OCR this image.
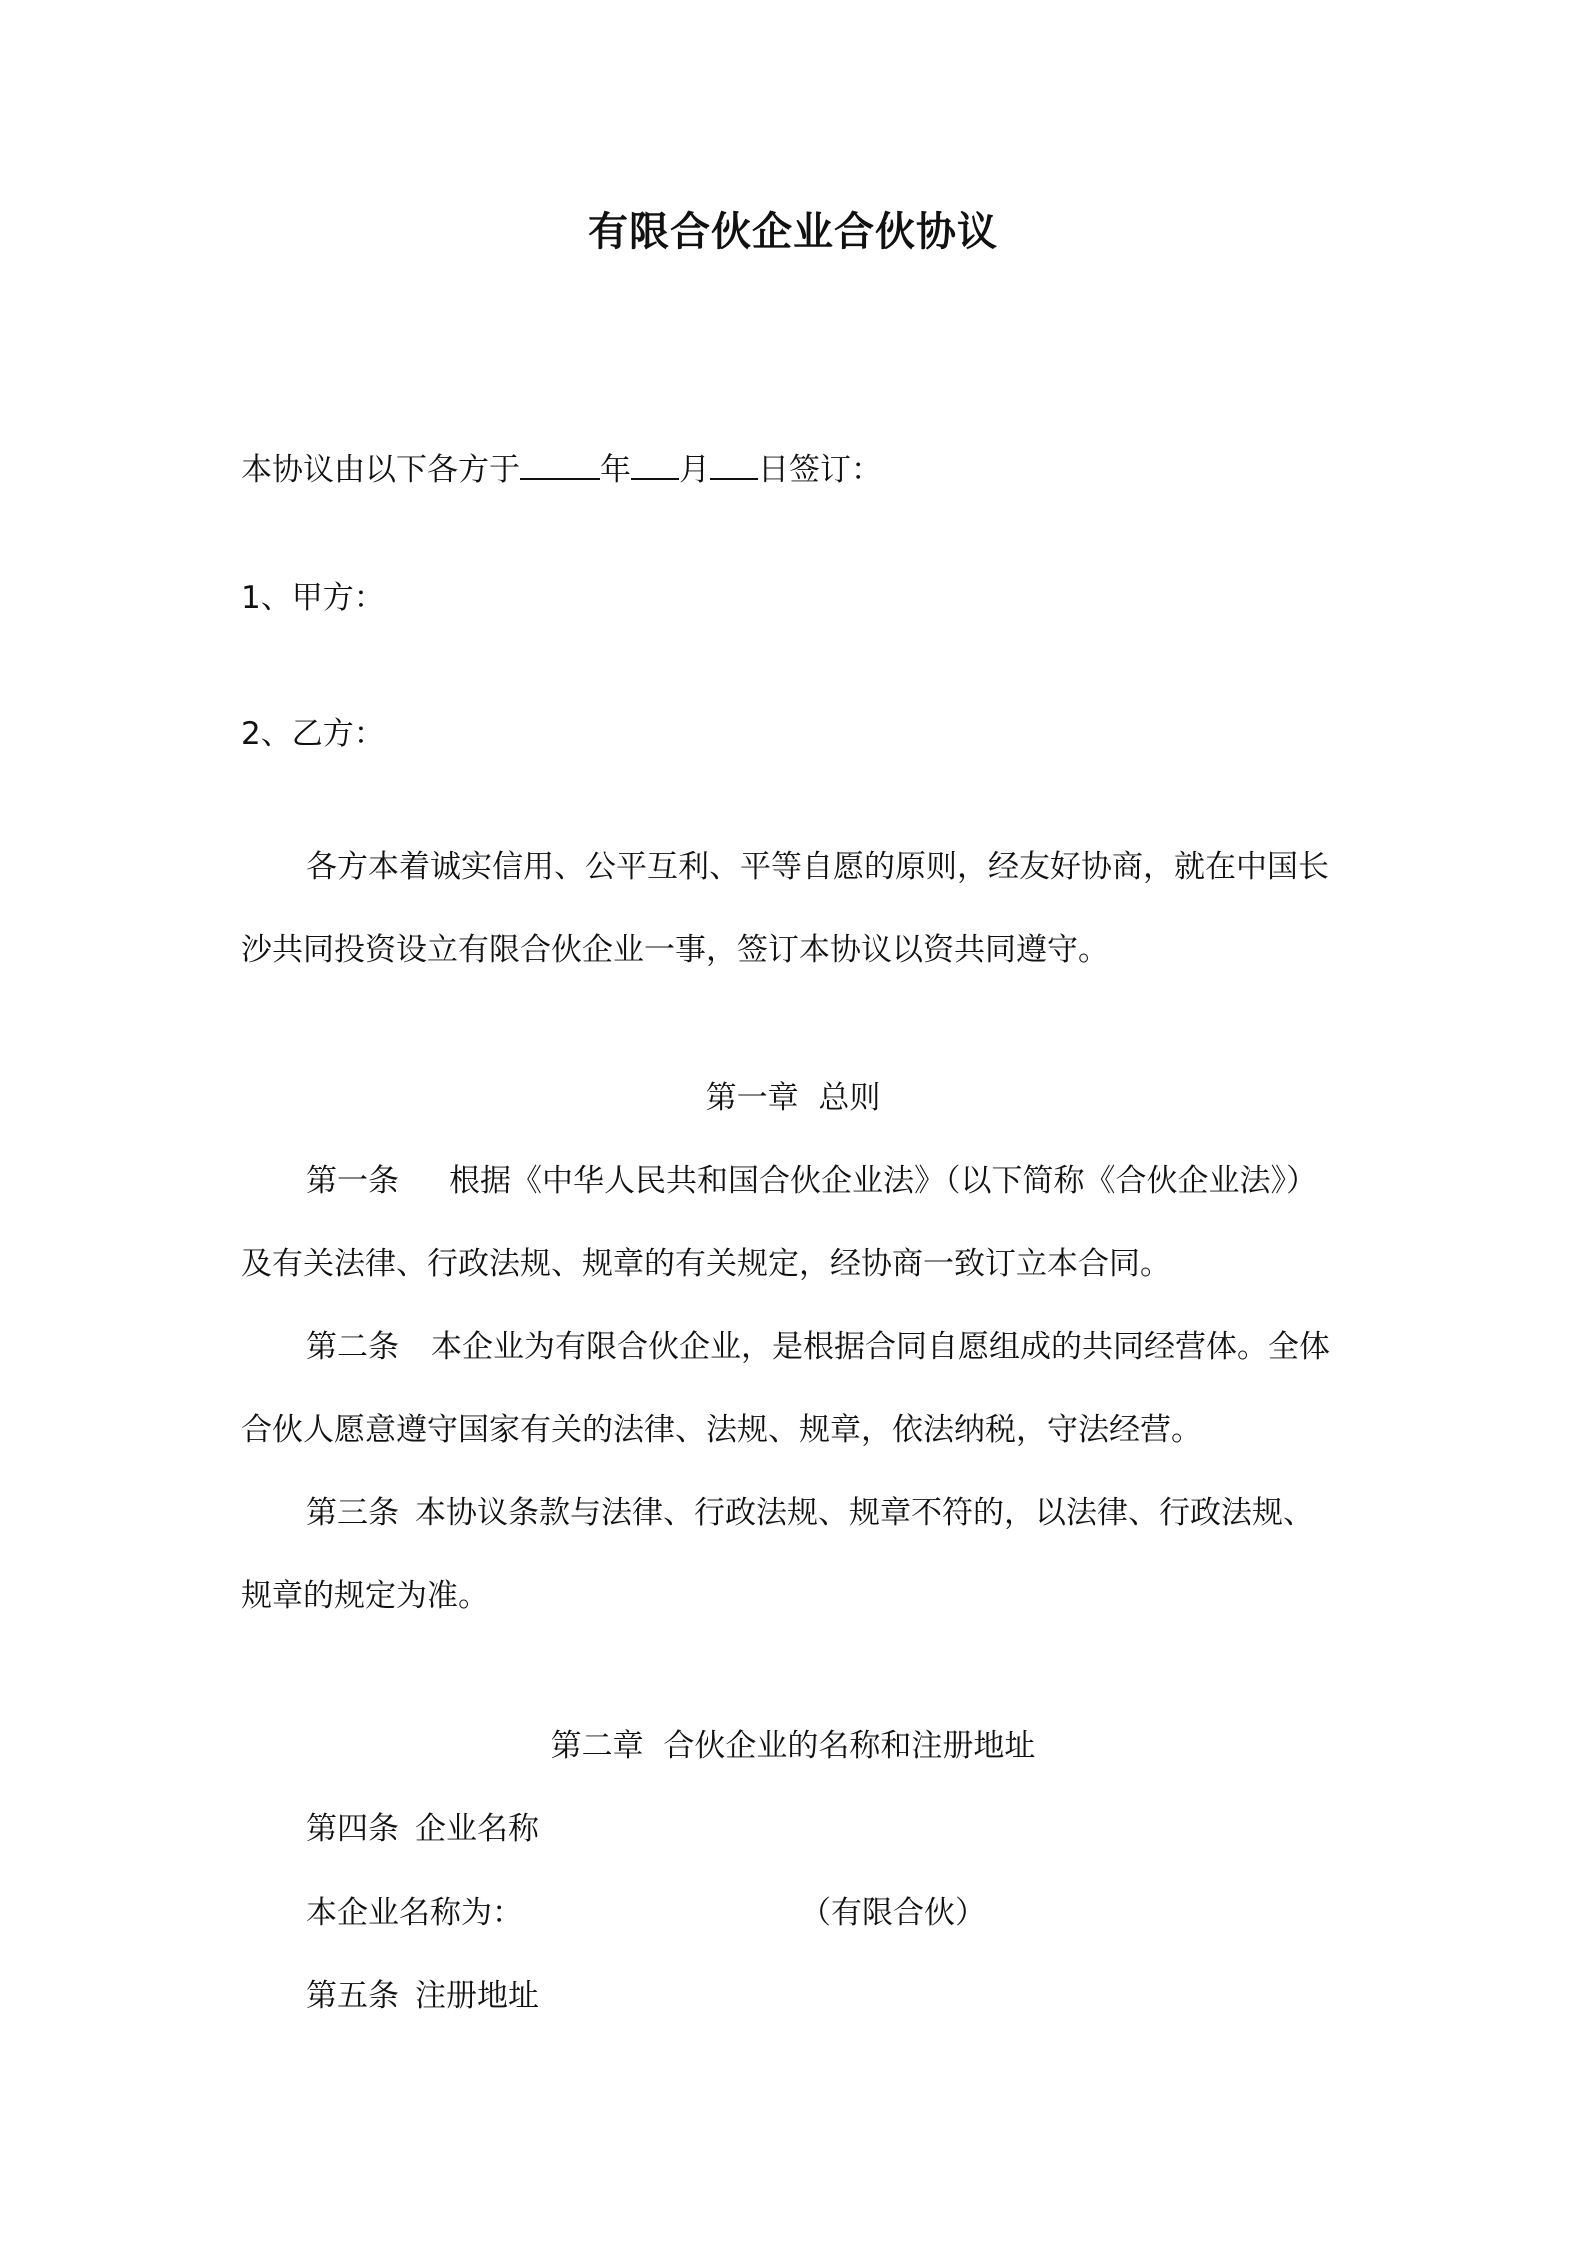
有限合伙企业合伙协议
本协议由以下各方于	年 月 日签订：
1、甲方：
2、乙方：
各方本着诚实信用、公平互利、平等自愿的原则，经友好协商，就在中国长
沙共同投资设立有限合伙企业一事，签订本协议以资共同遵守。
第一章 总则
第一条 根据《中华人民共和国合伙企业法》（以下简称《合伙企业法》）
及有关法律、行政法规、规章的有关规定，经协商一致订立本合同。
第二条 本企业为有限合伙企业，是根据合同自愿组成的共同经营体。全体
合伙人愿意遵守国家有关的法律、法规、规章，依法纳税，守法经营。
第三条 本协议条款与法律、行政法规、规章不符的，以法律、行政法规、
规章的规定为准。
第二章 合伙企业的名称和注册地址
第四条 企业名称
本企业名称为：	（有限合伙）
第五条 注册地址
